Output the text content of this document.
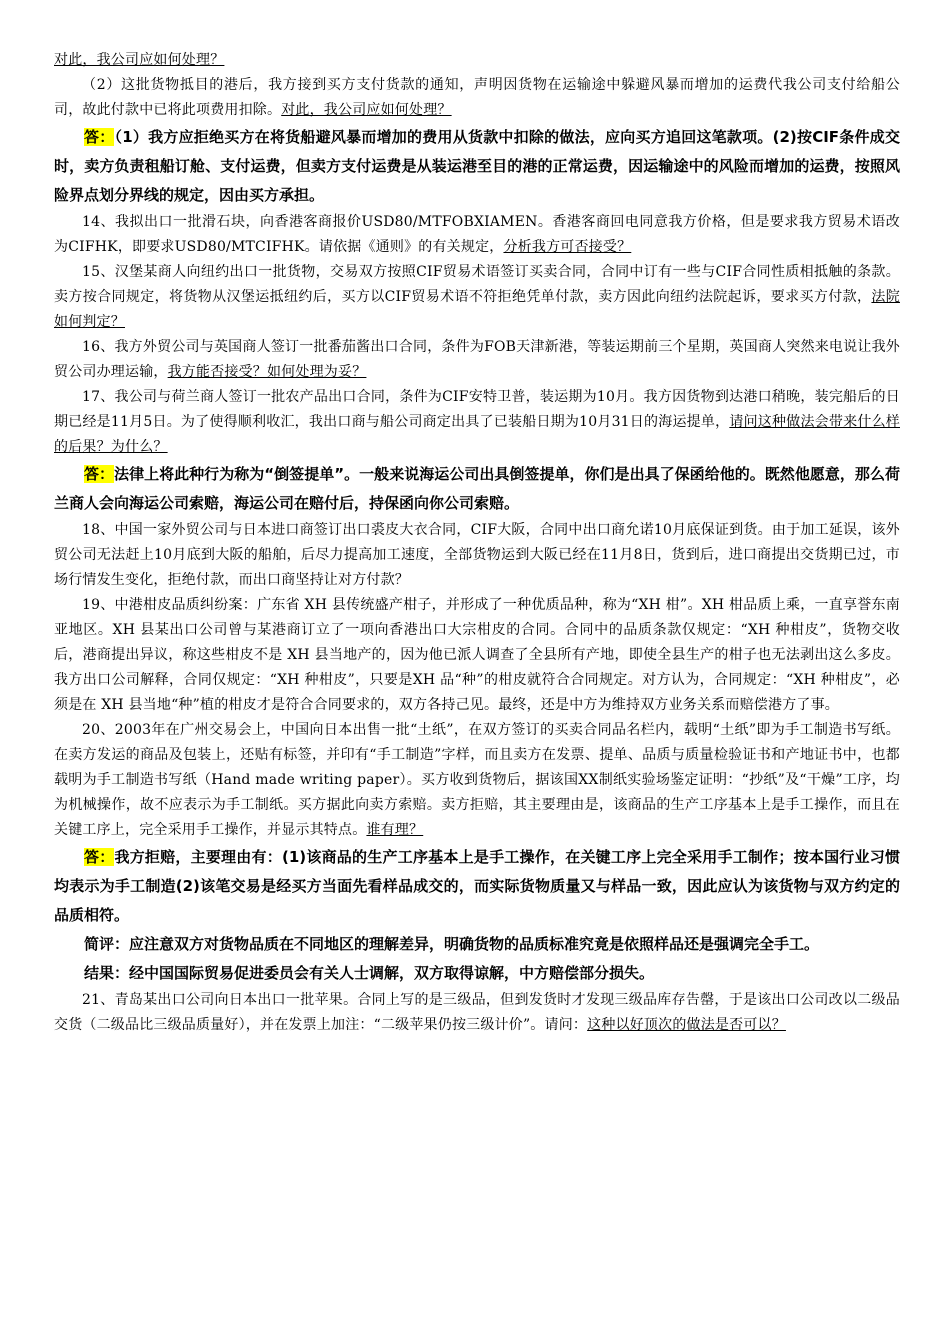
对此，我公司应如何处理？

（2）这批货物抵目的港后，我方接到买方支付货款的通知，声明因货物在运输途中躲避风暴而增加的运费代我公司支付给船公司，故此付款中已将此项费用扣除。对此，我公司应如何处理？

答：（1）我方应拒绝买方在将货船避风暴而增加的费用从货款中扣除的做法，应向买方追回这笔款项。(2)按CIF条件成交时，卖方负责租船订舱、支付运费，但卖方支付运费是从装运港至目的港的正常运费，因运输途中的风险而增加的运费，按照风险界点划分界线的规定，因由买方承担。

14、我拟出口一批滑石块，向香港客商报价USD80/MTFOBXIAMEN。香港客商回电同意我方价格，但是要求我方贸易术语改为CIFHK，即要求USD80/MTCIFHK。请依据《通则》的有关规定，分析我方可否接受？

15、汉堡某商人向纽约出口一批货物，交易双方按照CIF贸易术语签订买卖合同，合同中订有一些与CIF合同性质相抵触的条款。卖方按合同规定，将货物从汉堡运抵纽约后，买方以CIF贸易术语不符拒绝凭单付款，卖方因此向纽约法院起诉，要求买方付款，法院如何判定？

16、我方外贸公司与英国商人签订一批番茄酱出口合同，条件为FOB天津新港，等装运期前三个星期，英国商人突然来电说让我外贸公司办理运输，我方能否接受？如何处理为妥？

17、我公司与荷兰商人签订一批农产品出口合同，条件为CIF安特卫普，装运期为10月。我方因货物到达港口稍晚，装完船后的日期已经是11月5日。为了使得顺利收汇，我出口商与船公司商定出具了已装船日期为10月31日的海运提单，请问这种做法会带来什么样的后果？为什么？

答：法律上将此种行为称为“倒签提单”。一般来说海运公司出具倒签提单，你们是出具了保函给他的。既然他愿意，那么荷兰商人会向海运公司索赔，海运公司在赔付后，持保函向你公司索赔。

18、中国一家外贸公司与日本进口商签订出口裘皮大衣合同，CIF大阪，合同中出口商允诺10月底保证到货。由于加工延误，该外贸公司无法赶上10月底到大阪的船舶，后尽力提高加工速度，全部货物运到大阪已经在11月8日，货到后，进口商提出交货期已过，市场行情发生变化，拒绝付款，而出口商坚持让对方付款？

19、中港柑皮品质纠纷案：广东省 XH 县传统盛产柑子，并形成了一种优质品种，称为“XH 柑”。XH 柑品质上乘，一直享誉东南亚地区。XH 县某出口公司曾与某港商订立了一项向香港出口大宗柑皮的合同。合同中的品质条款仅规定：“XH 种柑皮”，货物交收后，港商提出异议，称这些柑皮不是 XH 县当地产的，因为他已派人调查了全县所有产地，即使全县生产的柑子也无法剥出这么多皮。我方出口公司解释，合同仅规定：“XH 种柑皮”，只要是XH 品“种”的柑皮就符合合同规定。对方认为，合同规定：“XH 种柑皮”，必须是在 XH 县当地“种”植的柑皮才是符合合同要求的，双方各持己见。最终，还是中方为维持双方业务关系而赔偿港方了事。

20、2003年在广州交易会上，中国向日本出售一批“土纸”，在双方签订的买卖合同品名栏内，载明“土纸”即为手工制造书写纸。在卖方发运的商品及包装上，还贴有标签，并印有“手工制造”字样，而且卖方在发票、提单、品质与质量检验证书和产地证书中，也都载明为手工制造书写纸（Hand made writing paper）。买方收到货物后，据该国XX制纸实验场鉴定证明：“抄纸”及“干燥”工序，均为机械操作，故不应表示为手工制纸。买方据此向卖方索赔。卖方拒赔，其主要理由是，该商品的生产工序基本上是手工操作，而且在关键工序上，完全采用手工操作，并显示其特点。谁有理？

答：我方拒赔，主要理由有：(1)该商品的生产工序基本上是手工操作，在关键工序上完全采用手工制作；按本国行业习惯均表示为手工制造(2)该笔交易是经买方当面先看样品成交的，而实际货物质量又与样品一致，因此应认为该货物与双方约定的品质相符。

简评：应注意双方对货物品质在不同地区的理解差异，明确货物的品质标准究竟是依照样品还是强调完全手工。

结果：经中国国际贸易促进委员会有关人士调解，双方取得谅解，中方赔偿部分损失。

21、青岛某出口公司向日本出口一批苹果。合同上写的是三级品，但到发货时才发现三级品库存告罄，于是该出口公司改以二级品交货（二级品比三级品质量好），并在发票上加注：“二级苹果仍按三级计价”。请问：这种以好顶次的做法是否可以？
